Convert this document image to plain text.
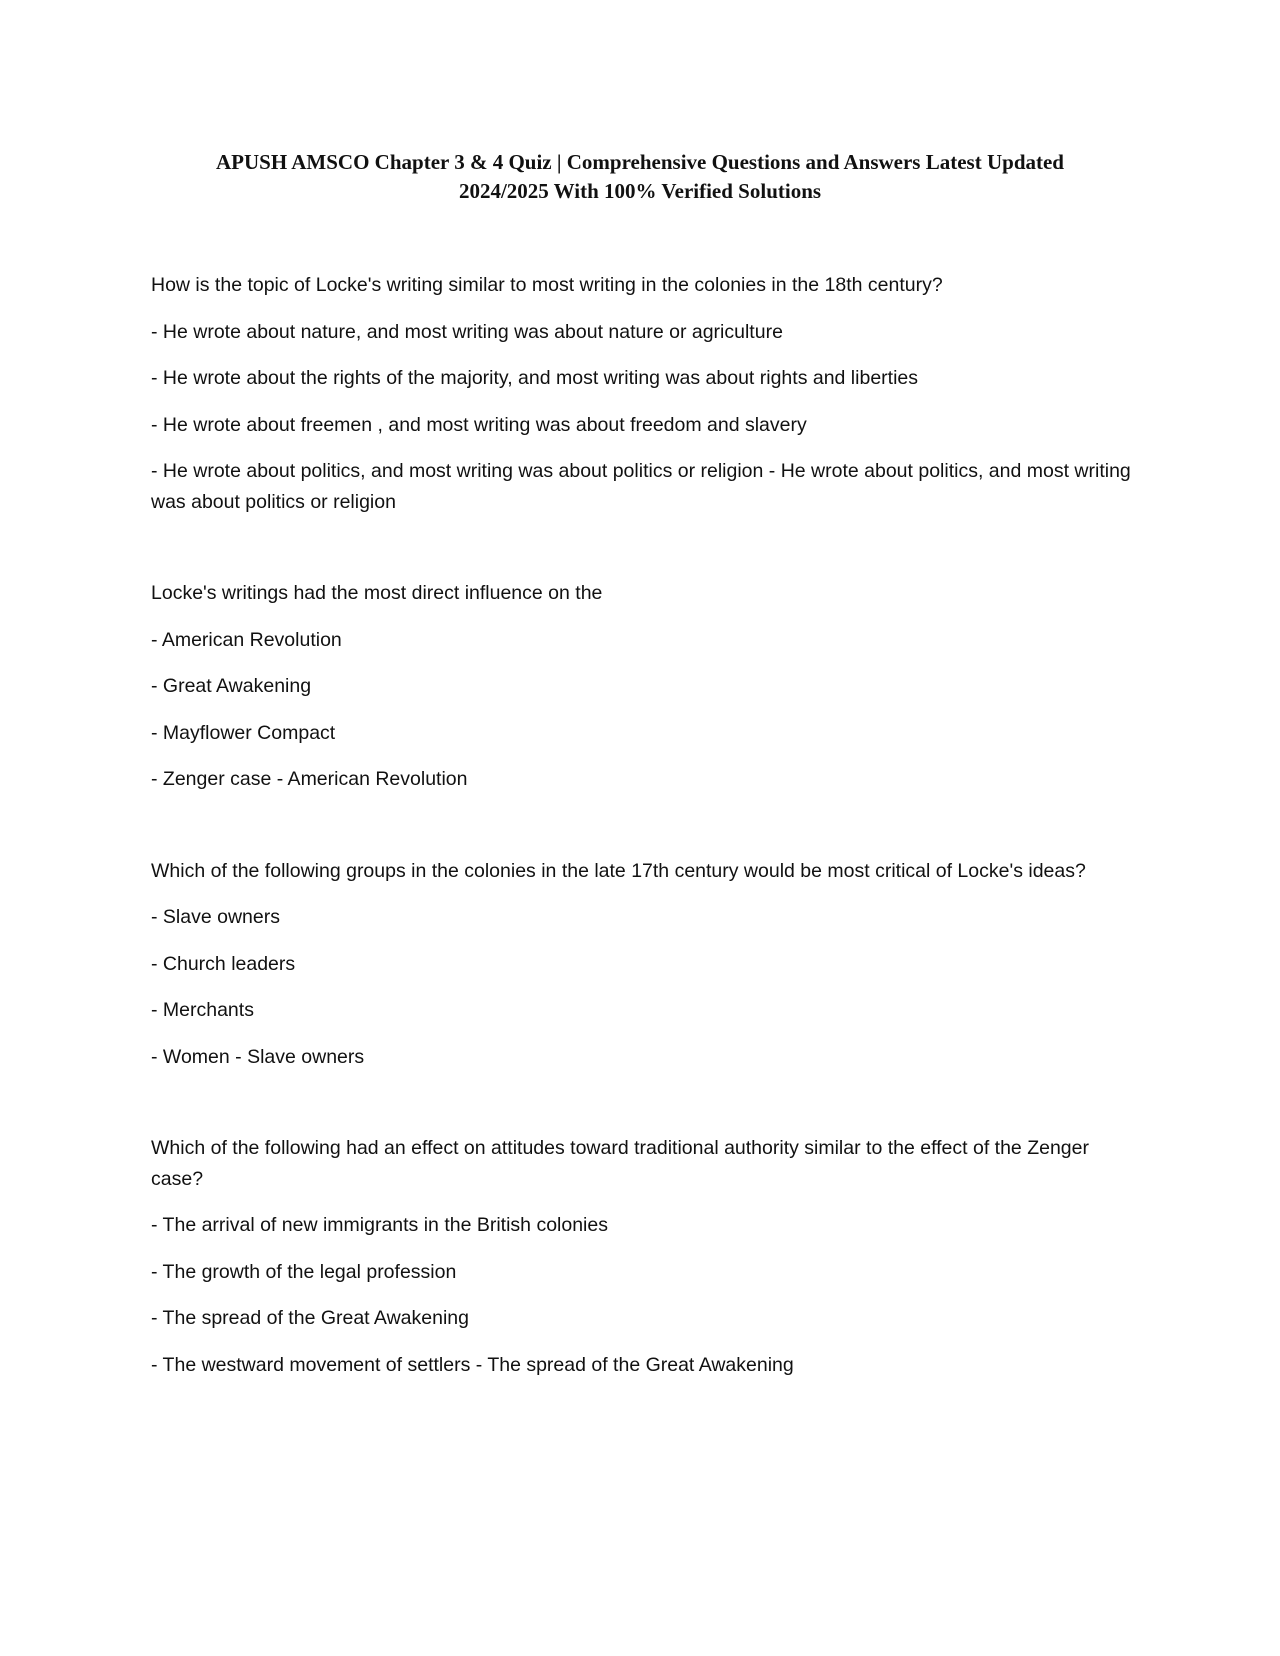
APUSH AMSCO Chapter 3 & 4 Quiz | Comprehensive Questions and Answers Latest Updated
2024/2025 With 100% Verified Solutions

How is the topic of Locke's writing similar to most writing in the colonies in the 18th century?

- He wrote about nature, and most writing was about nature or agriculture

- He wrote about the rights of the majority, and most writing was about rights and liberties

- He wrote about freemen , and most writing was about freedom and slavery

- He wrote about politics, and most writing was about politics or religion - He wrote about politics, and most writing was about politics or religion

Locke's writings had the most direct influence on the

- American Revolution

- Great Awakening

- Mayflower Compact

- Zenger case - American Revolution

Which of the following groups in the colonies in the late 17th century would be most critical of Locke's ideas?

- Slave owners

- Church leaders

- Merchants

- Women - Slave owners

Which of the following had an effect on attitudes toward traditional authority similar to the effect of the Zenger case?

- The arrival of new immigrants in the British colonies

- The growth of the legal profession

- The spread of the Great Awakening

- The westward movement of settlers - The spread of the Great Awakening
